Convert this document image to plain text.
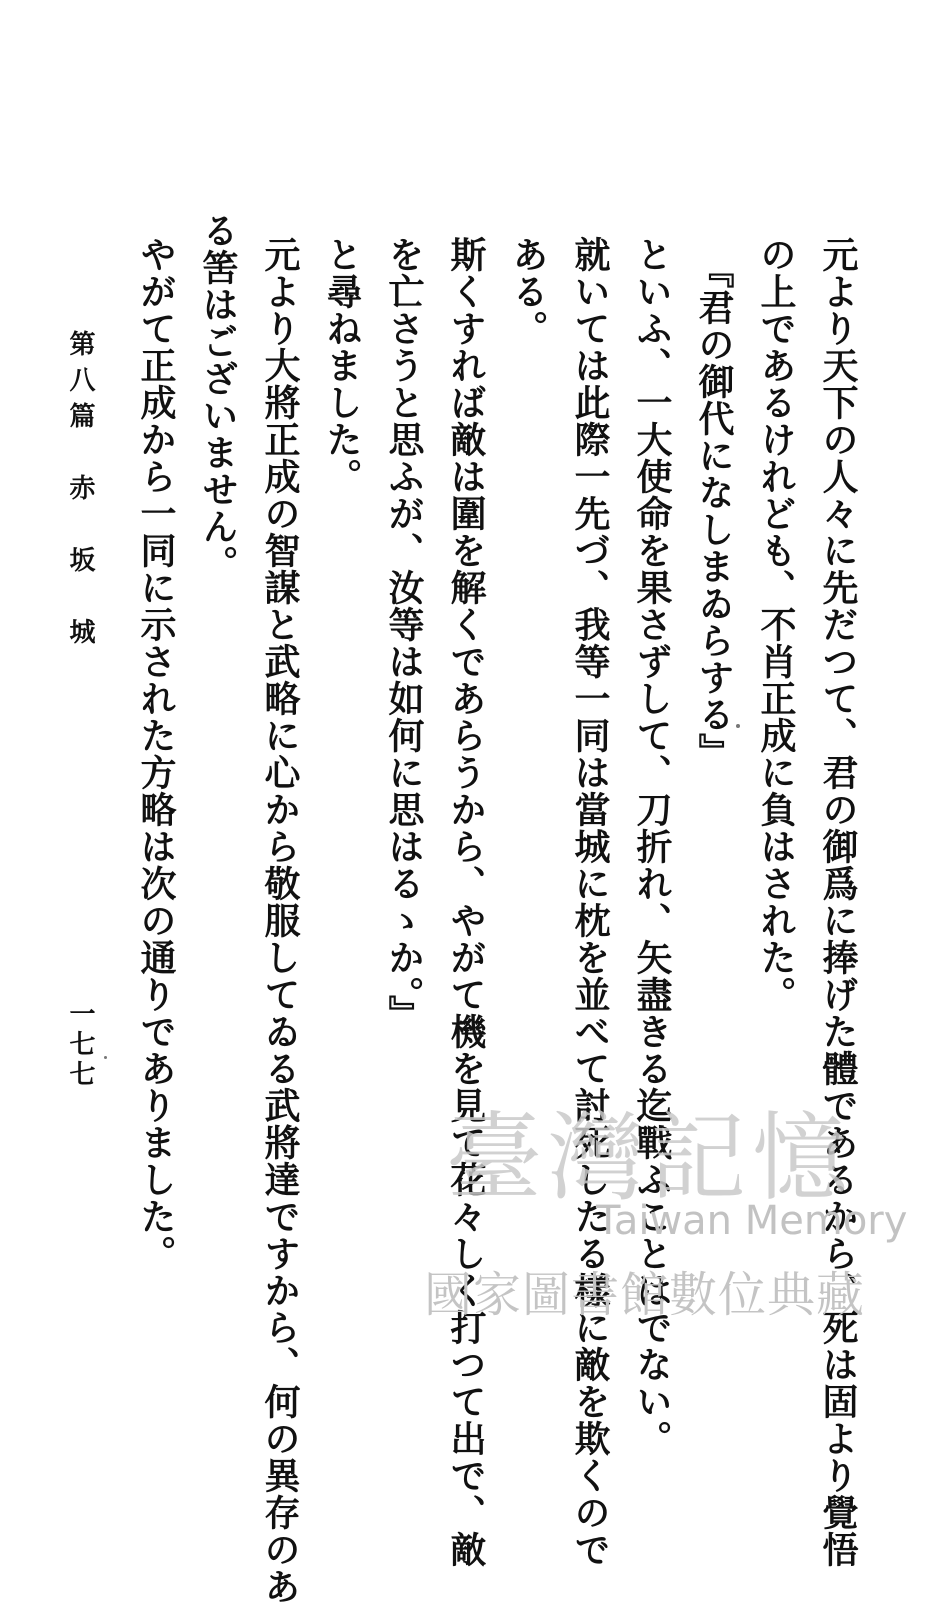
元より天下の人々に先だつて、君の御爲に捧げた體であるから、死は固より覺悟
の上であるけれども、不肖正成に負はされた。
『君の御代になしまゐらする』
といふ、一大使命を果さずして、刀折れ、矢盡きる迄戰ふことはでない。
就いては此際一先づ、我等一同は當城に枕を並べて討死したる樣に敵を欺くので
ある。
斯くすれば敵は圍を解くであらうから、やがて機を見て花々しく打つて出で、敵
を亡さうと思ふが、汝等は如何に思はるゝか。』
と尋ねました。
元より大將正成の智謀と武略に心から敬服してゐる武將達ですから、何の異存のあ
る筈はございません。
やがて正成から一同に示された方略は次の通りでありました。
第八篇　赤　坂　城
一七七
臺灣記憶
Taiwan Memory
國家圖書館數位典藏
